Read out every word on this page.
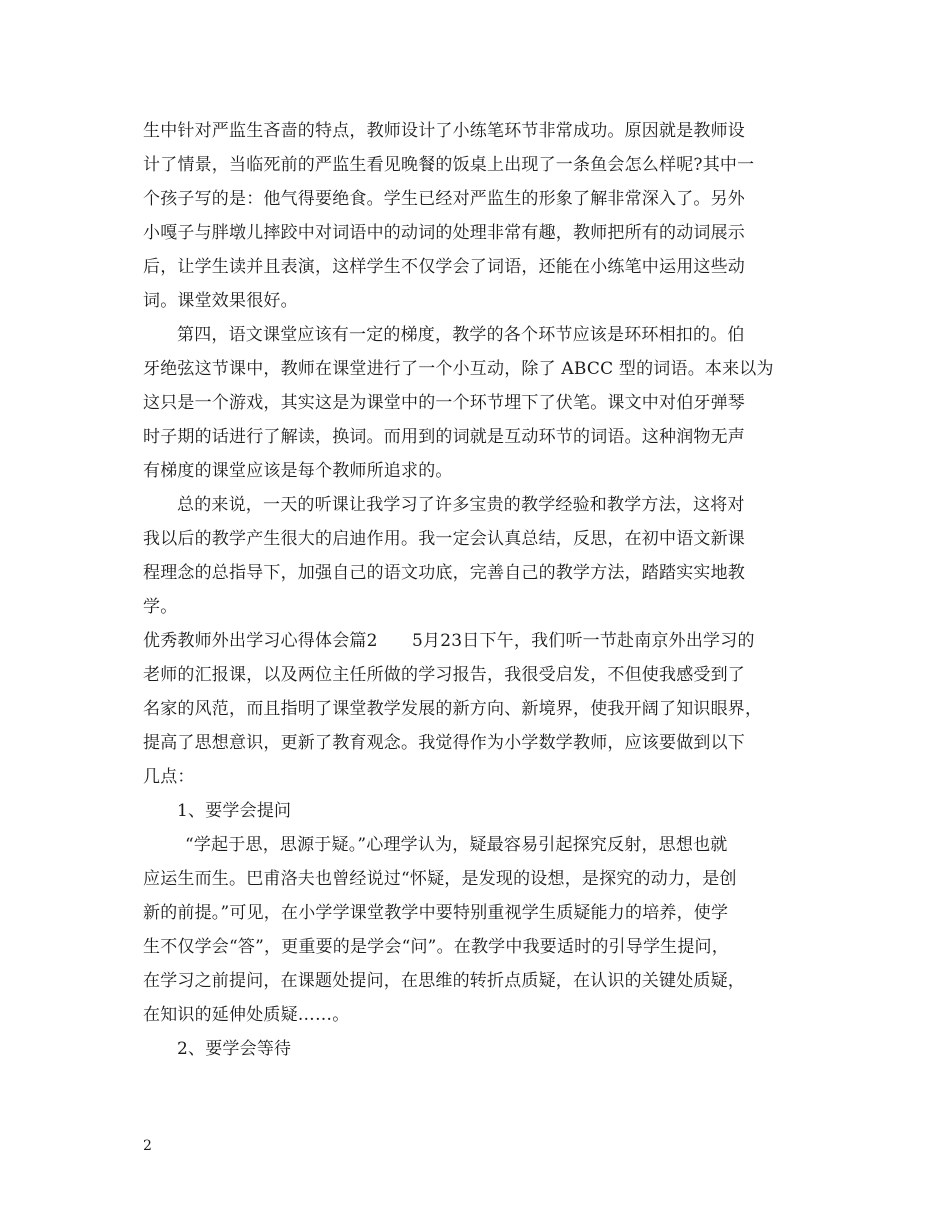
生中针对严监生吝啬的特点，教师设计了小练笔环节非常成功。原因就是教师设
计了情景，当临死前的严监生看见晚餐的饭桌上出现了一条鱼会怎么样呢?其中一
个孩子写的是：他气得要绝食。学生已经对严监生的形象了解非常深入了。另外
小嘎子与胖墩儿摔跤中对词语中的动词的处理非常有趣，教师把所有的动词展示
后，让学生读并且表演，这样学生不仅学会了词语，还能在小练笔中运用这些动
词。课堂效果很好。
第四，语文课堂应该有一定的梯度，教学的各个环节应该是环环相扣的。伯
牙绝弦这节课中，教师在课堂进行了一个小互动，除了 ABCC 型的词语。本来以为
这只是一个游戏，其实这是为课堂中的一个环节埋下了伏笔。课文中对伯牙弹琴
时子期的话进行了解读，换词。而用到的词就是互动环节的词语。这种润物无声
有梯度的课堂应该是每个教师所追求的。
总的来说，一天的听课让我学习了许多宝贵的教学经验和教学方法，这将对
我以后的教学产生很大的启迪作用。我一定会认真总结，反思，在初中语文新课
程理念的总指导下，加强自己的语文功底，完善自己的教学方法，踏踏实实地教
学。
优秀教师外出学习心得体会篇2　　5月23日下午，我们听一节赴南京外出学习的
老师的汇报课，以及两位主任所做的学习报告，我很受启发，不但使我感受到了
名家的风范，而且指明了课堂教学发展的新方向、新境界，使我开阔了知识眼界，
提高了思想意识，更新了教育观念。我觉得作为小学数学教师，应该要做到以下
几点：
1、要学会提问
“学起于思，思源于疑。”心理学认为，疑最容易引起探究反射，思想也就
应运生而生。巴甫洛夫也曾经说过“怀疑，是发现的设想，是探究的动力，是创
新的前提。”可见，在小学学课堂教学中要特别重视学生质疑能力的培养，使学
生不仅学会“答”，更重要的是学会“问”。在教学中我要适时的引导学生提问，
在学习之前提问，在课题处提问，在思维的转折点质疑，在认识的关键处质疑，
在知识的延伸处质疑……。
2、要学会等待
2
